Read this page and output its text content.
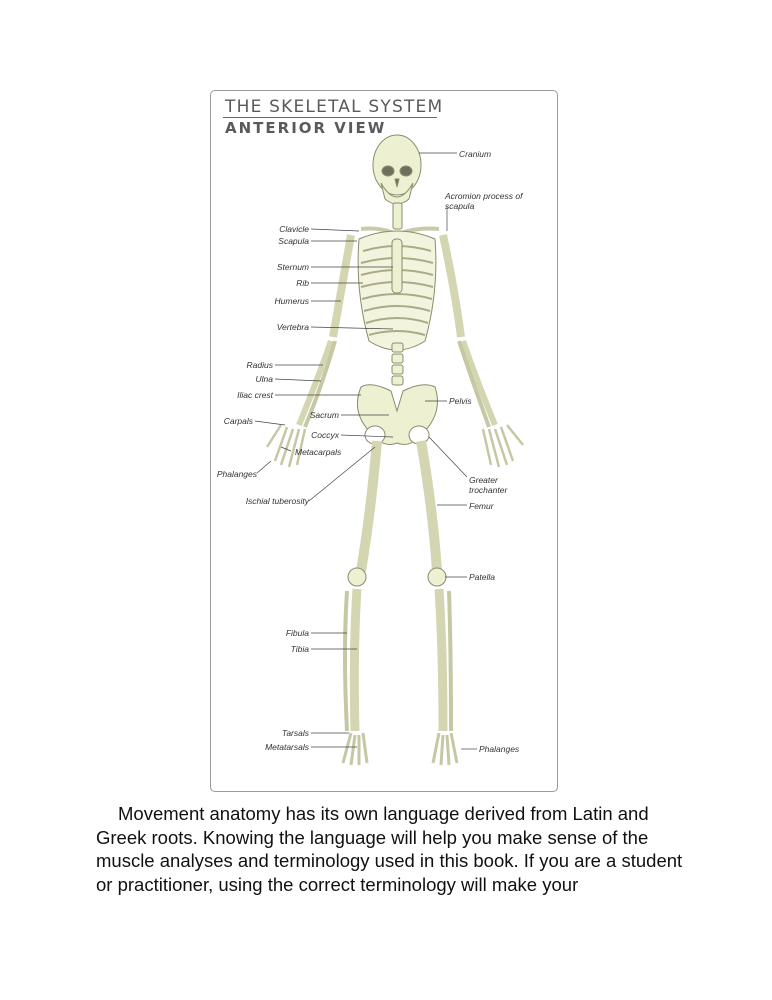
THE SKELETAL SYSTEM
ANTERIOR VIEW
Clavicle
Scapula
Sternum
Rib
Humerus
Vertebra
Radius
Ulna
Iliac crest
Carpals
Sacrum
Coccyx
Metacarpals
Phalanges
Ischial tuberosity
Fibula
Tibia
Tarsals
Metatarsals
Cranium
Acromion process of
scapula
Pelvis
Greater
trochanter
Femur
Patella
Phalanges

Movement anatomy has its own language derived from Latin and Greek roots. Knowing the language will help you make sense of the muscle analyses and terminology used in this book. If you are a student or practitioner, using the correct terminology will make your
